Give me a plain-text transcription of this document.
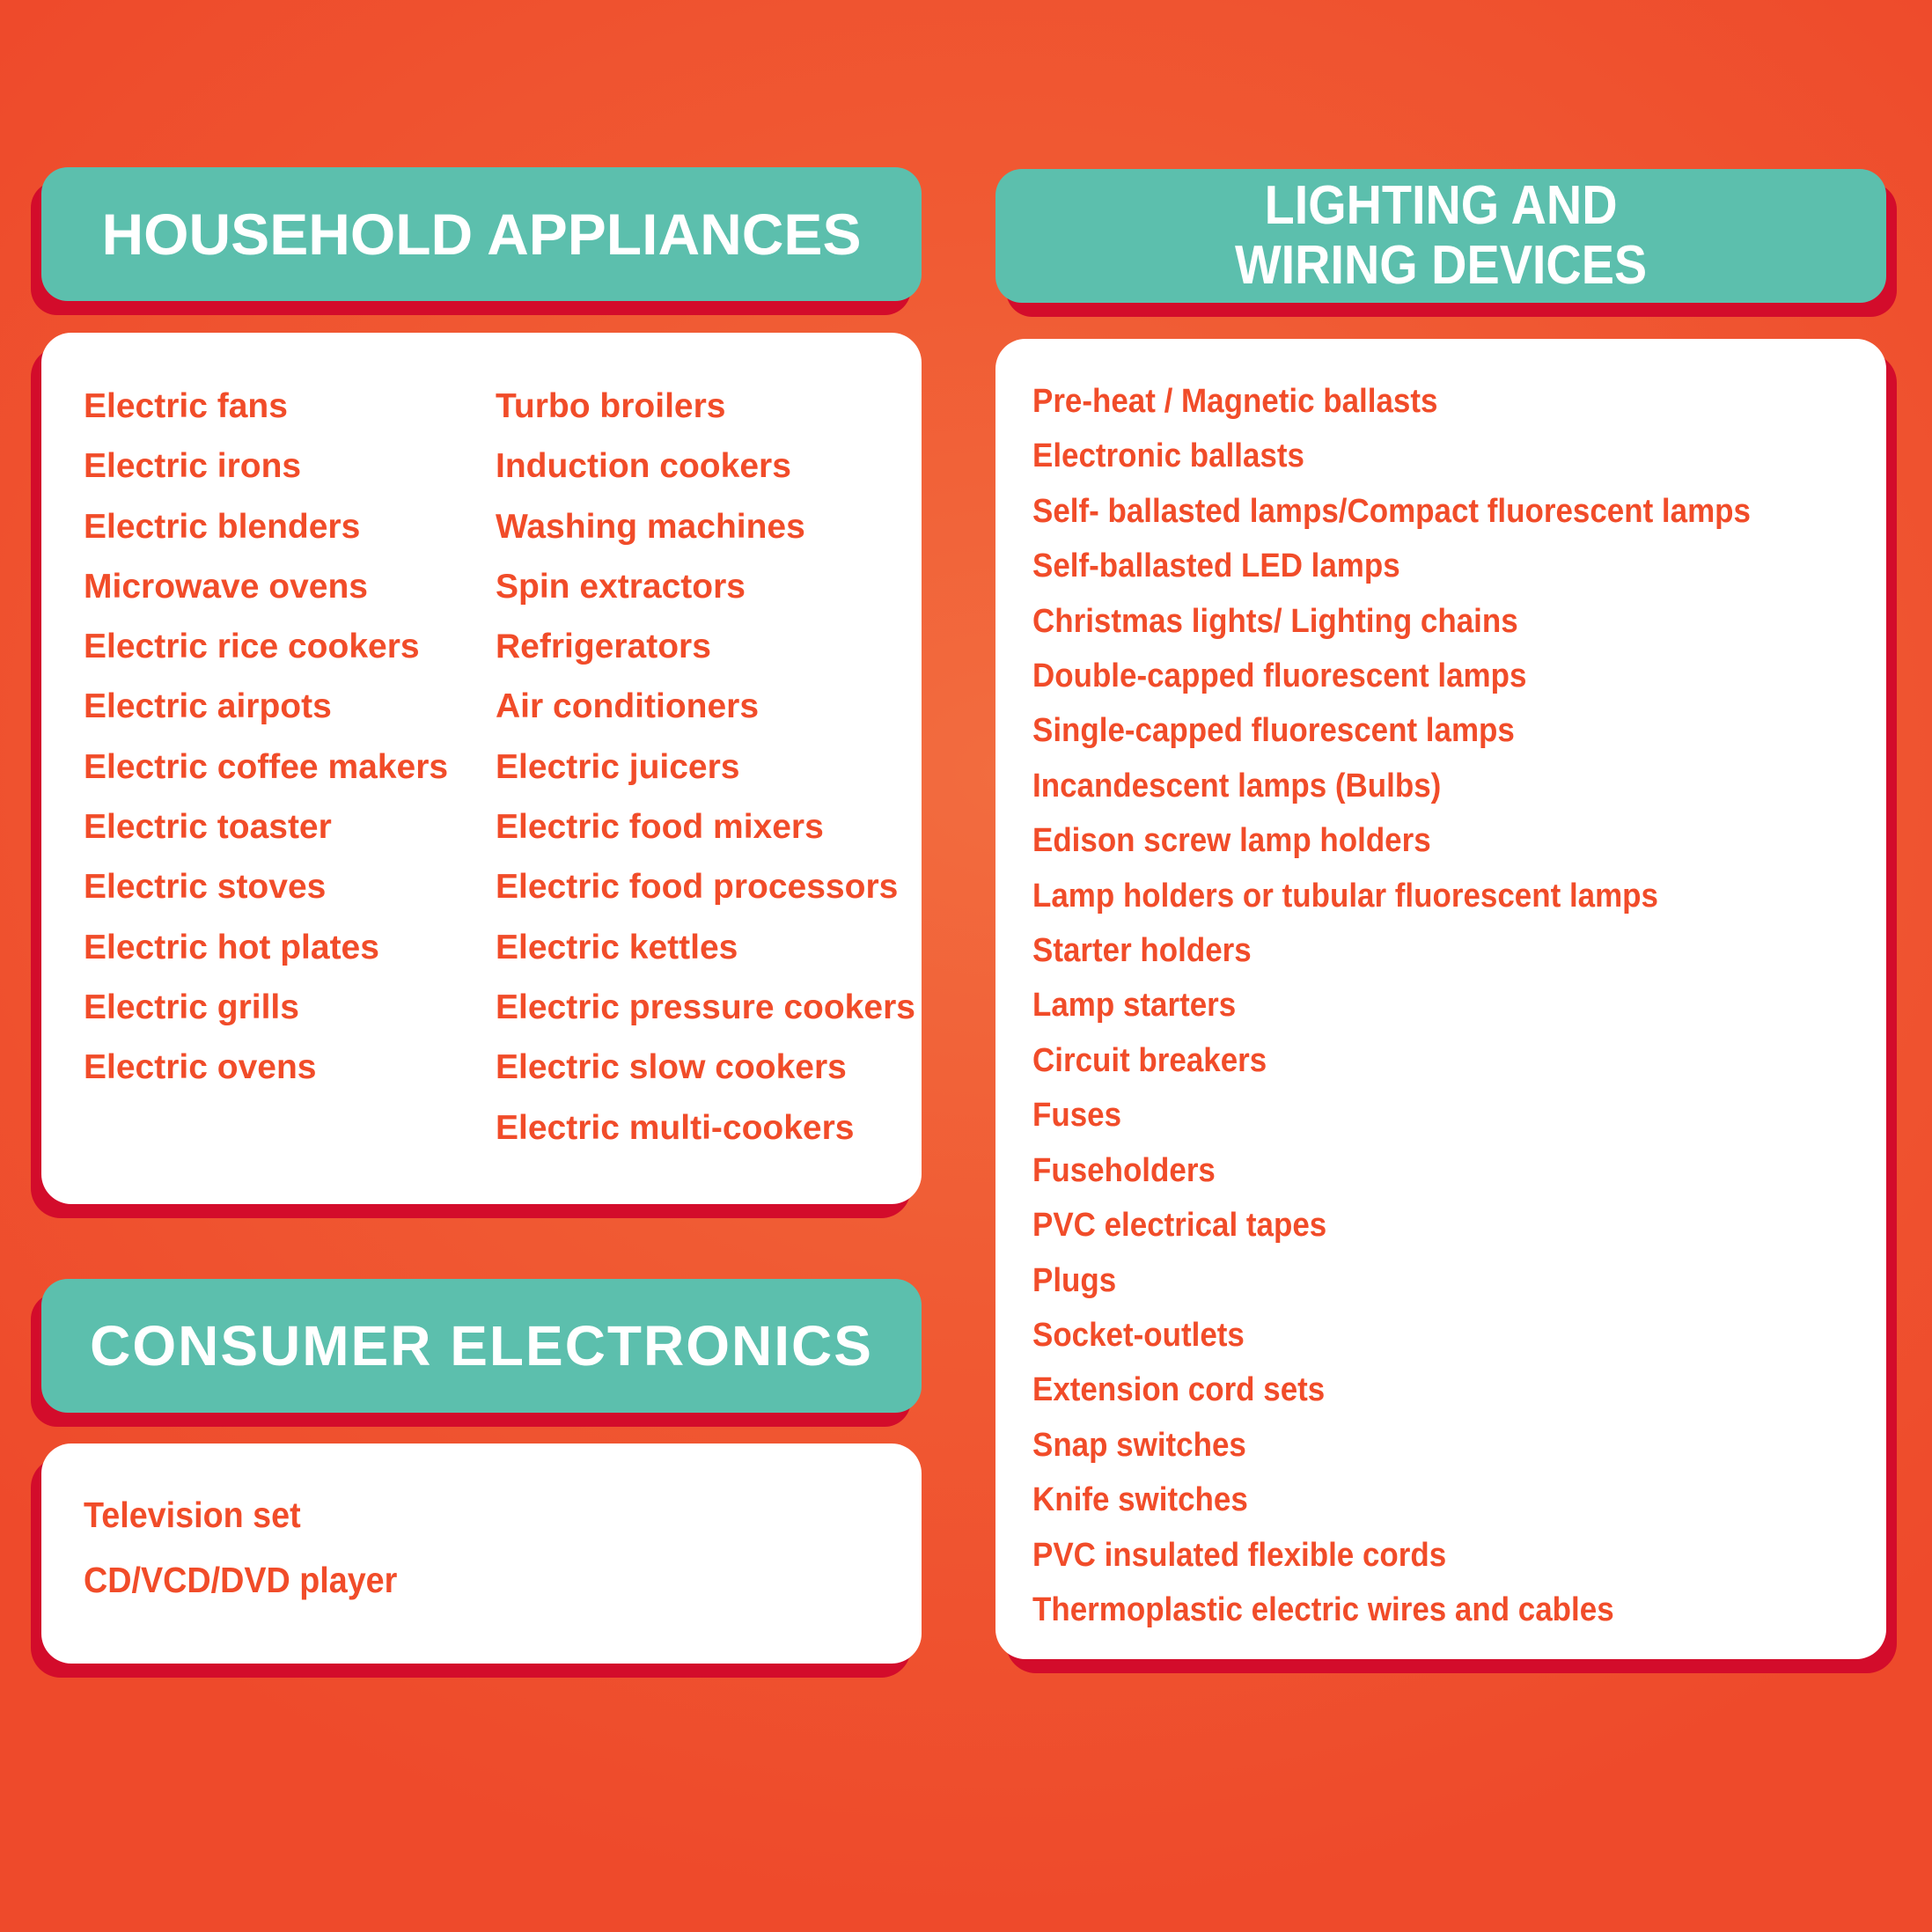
HOUSEHOLD APPLIANCES
Electric fans
Electric irons
Electric blenders
Microwave ovens
Electric rice cookers
Electric airpots
Electric coffee makers
Electric toaster
Electric stoves
Electric hot plates
Electric grills
Electric ovens
Turbo broilers
Induction cookers
Washing machines
Spin extractors
Refrigerators
Air conditioners
Electric juicers
Electric food mixers
Electric food processors
Electric kettles
Electric pressure cookers
Electric slow cookers
Electric multi-cookers
CONSUMER ELECTRONICS
Television set
CD/VCD/DVD player
LIGHTING AND
WIRING DEVICES
Pre-heat / Magnetic ballasts
Electronic ballasts
Self- ballasted lamps/Compact fluorescent lamps
Self-ballasted LED lamps
Christmas lights/ Lighting chains
Double-capped fluorescent lamps
Single-capped fluorescent lamps
Incandescent lamps (Bulbs)
Edison screw lamp holders
Lamp holders or tubular fluorescent lamps
Starter holders
Lamp starters
Circuit breakers
Fuses
Fuseholders
PVC electrical tapes
Plugs
Socket-outlets
Extension cord sets
Snap switches
Knife switches
PVC insulated flexible cords
Thermoplastic electric wires and cables
